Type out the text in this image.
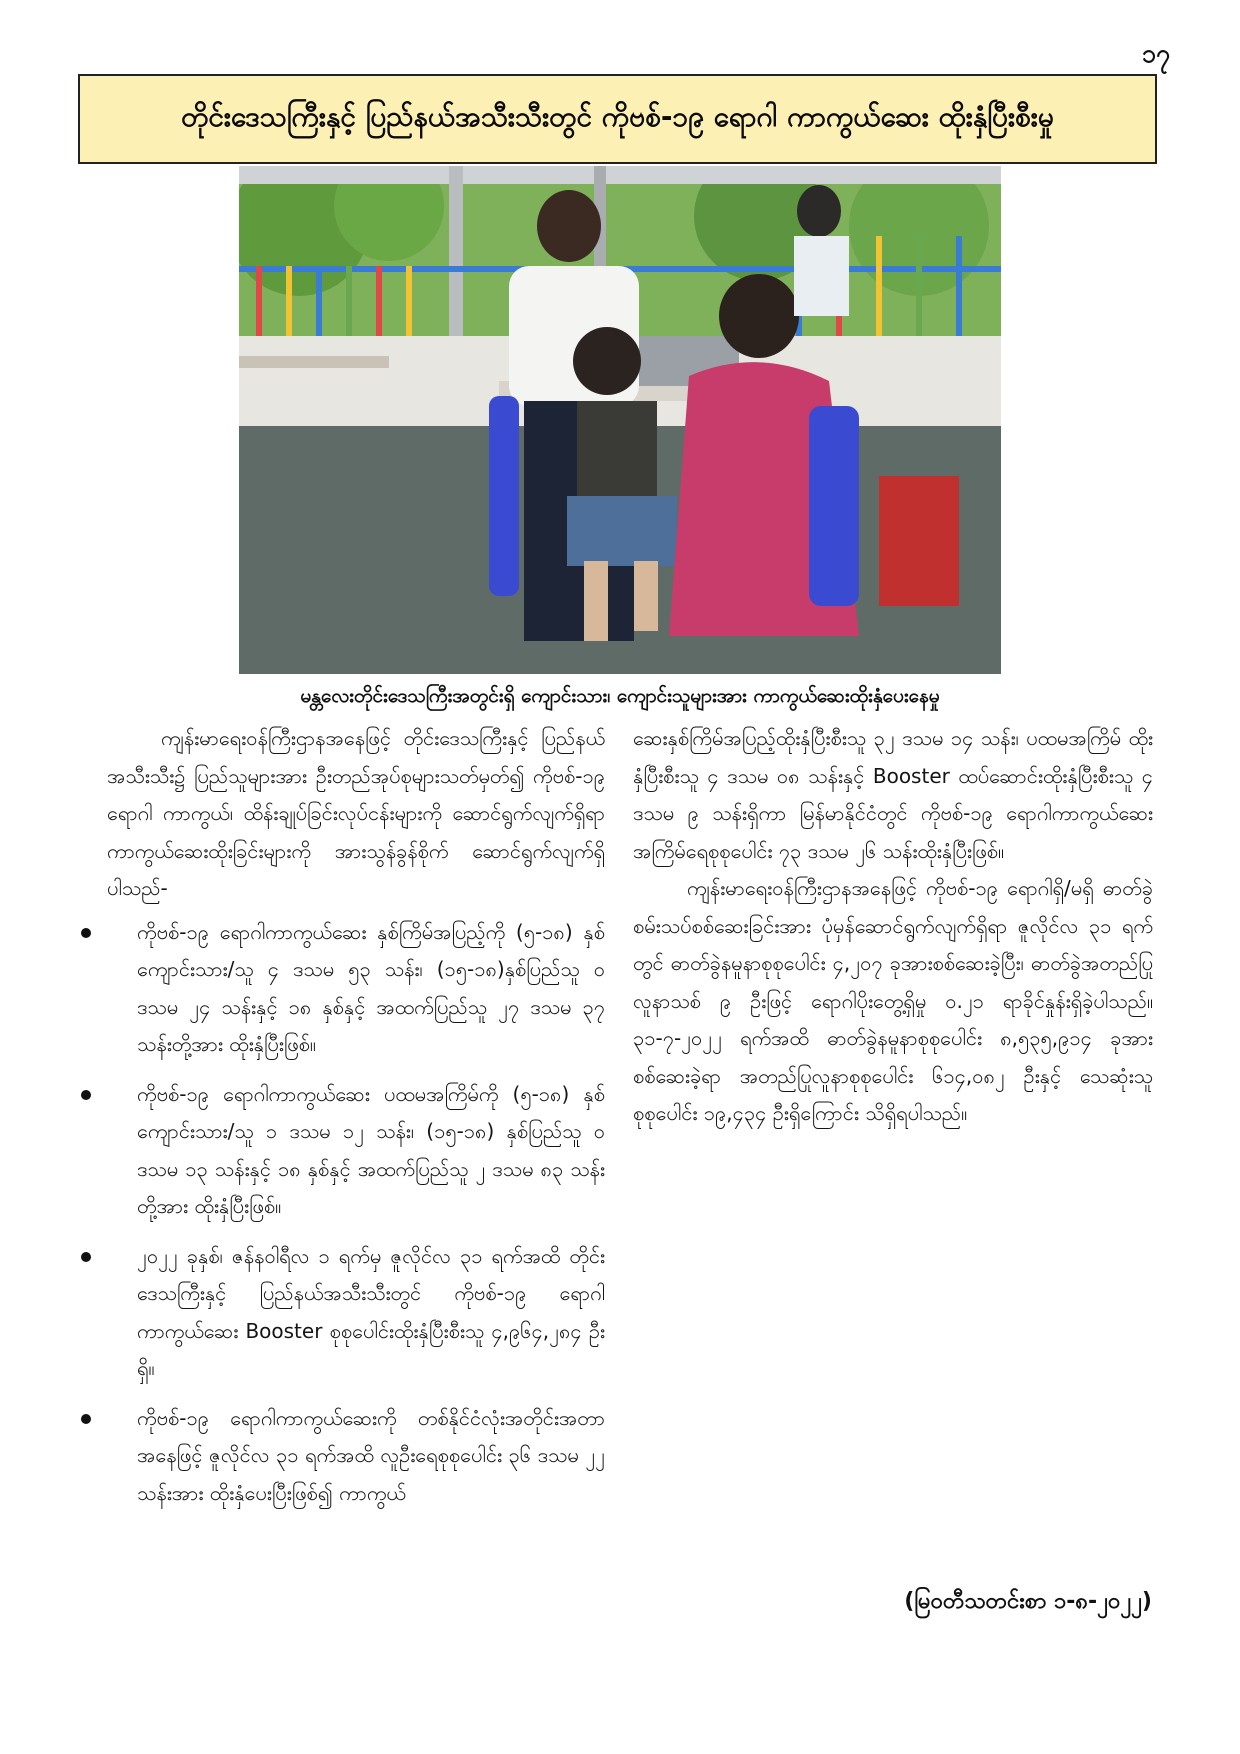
၁၇
တိုင်းဒေသကြီးနှင့် ပြည်နယ်အသီးသီးတွင် ကိုဗစ်-၁၉ ရောဂါ ကာကွယ်ဆေး ထိုးနှံပြီးစီးမှု
မန္တလေးတိုင်းဒေသကြီးအတွင်းရှိ ကျောင်းသား၊ ကျောင်းသူများအား ကာကွယ်ဆေးထိုးနှံပေးနေမှု

ကျန်းမာရေးဝန်ကြီးဌာနအနေဖြင့် တိုင်းဒေသကြီးနှင့် ပြည်နယ်အသီးသီး၌ ပြည်သူများအား ဦးတည်အုပ်စုများသတ်မှတ်၍ ကိုဗစ်-၁၉ ရောဂါ ကာကွယ်၊ ထိန်းချုပ်ခြင်းလုပ်ငန်းများကို ဆောင်ရွက်လျက်ရှိရာ ကာကွယ်ဆေးထိုးခြင်းများကို အားသွန်ခွန်စိုက် ဆောင်ရွက်လျက်ရှိပါသည်-

ကိုဗစ်-၁၉ ရောဂါကာကွယ်ဆေး နှစ်ကြိမ်အပြည့်ကို (၅-၁၈) နှစ်ကျောင်းသား/သူ ၄ ဒသမ ၅၃ သန်း၊ (၁၅-၁၈)နှစ်ပြည်သူ ၀ ဒသမ ၂၄ သန်းနှင့် ၁၈ နှစ်နှင့် အထက်ပြည်သူ ၂၇ ဒသမ ၃၇ သန်းတို့အား ထိုးနှံပြီးဖြစ်။
ကိုဗစ်-၁၉ ရောဂါကာကွယ်ဆေး ပထမအကြိမ်ကို (၅-၁၈) နှစ်ကျောင်းသား/သူ ၁ ဒသမ ၁၂ သန်း၊ (၁၅-၁၈) နှစ်ပြည်သူ ၀ ဒသမ ၁၃ သန်းနှင့် ၁၈ နှစ်နှင့် အထက်ပြည်သူ ၂ ဒသမ ၈၃ သန်းတို့အား ထိုးနှံပြီးဖြစ်။
၂၀၂၂ ခုနှစ်၊ ဇန်နဝါရီလ ၁ ရက်မှ ဇူလိုင်လ ၃၁ ရက်အထိ တိုင်းဒေသကြီးနှင့် ပြည်နယ်အသီးသီးတွင် ကိုဗစ်-၁၉ ရောဂါကာကွယ်ဆေး Booster စုစုပေါင်းထိုးနှံပြီးစီးသူ ၄,၉၆၄,၂၈၄ ဦးရှိ။
ကိုဗစ်-၁၉ ရောဂါကာကွယ်ဆေးကို တစ်နိုင်ငံလုံးအတိုင်းအတာအနေဖြင့် ဇူလိုင်လ ၃၁ ရက်အထိ လူဦးရေစုစုပေါင်း ၃၆ ဒသမ ၂၂ သန်းအား ထိုးနှံပေးပြီးဖြစ်၍ ကာကွယ်

ဆေးနှစ်ကြိမ်အပြည့်ထိုးနှံပြီးစီးသူ ၃၂ ဒသမ ၁၄ သန်း၊ ပထမအကြိမ် ထိုးနှံပြီးစီးသူ ၄ ဒသမ ဝ၈ သန်းနှင့် Booster ထပ်ဆောင်းထိုးနှံပြီးစီးသူ ၄ ဒသမ ၉ သန်းရှိကာ မြန်မာနိုင်ငံတွင် ကိုဗစ်-၁၉ ရောဂါကာကွယ်ဆေးအကြိမ်ရေစုစုပေါင်း ၇၃ ဒသမ ၂၆ သန်းထိုးနှံပြီးဖြစ်။

ကျန်းမာရေးဝန်ကြီးဌာနအနေဖြင့် ကိုဗစ်-၁၉ ရောဂါရှိ/မရှိ ဓာတ်ခွဲစမ်းသပ်စစ်ဆေးခြင်းအား ပုံမှန်ဆောင်ရွက်လျက်ရှိရာ ဇူလိုင်လ ၃၁ ရက်တွင် ဓာတ်ခွဲနမူနာစုစုပေါင်း ၄,၂၀၇ ခုအားစစ်ဆေးခဲ့ပြီး၊ ဓာတ်ခွဲအတည်ပြုလူနာသစ် ၉ ဦးဖြင့် ရောဂါပိုးတွေ့ရှိမှု ၀.၂၁ ရာခိုင်နှုန်းရှိခဲ့ပါသည်။ ၃၁-၇-၂၀၂၂ ရက်အထိ ဓာတ်ခွဲနမူနာစုစုပေါင်း ၈,၅၃၅,၉၁၄ ခုအား စစ်ဆေးခဲ့ရာ အတည်ပြုလူနာစုစုပေါင်း ၆၁၄,၀၈၂ ဦးနှင့် သေဆုံးသူစုစုပေါင်း ၁၉,၄၃၄ ဦးရှိကြောင်း သိရှိရပါသည်။

(မြဝတီသတင်းစာ ၁-၈-၂၀၂၂)
